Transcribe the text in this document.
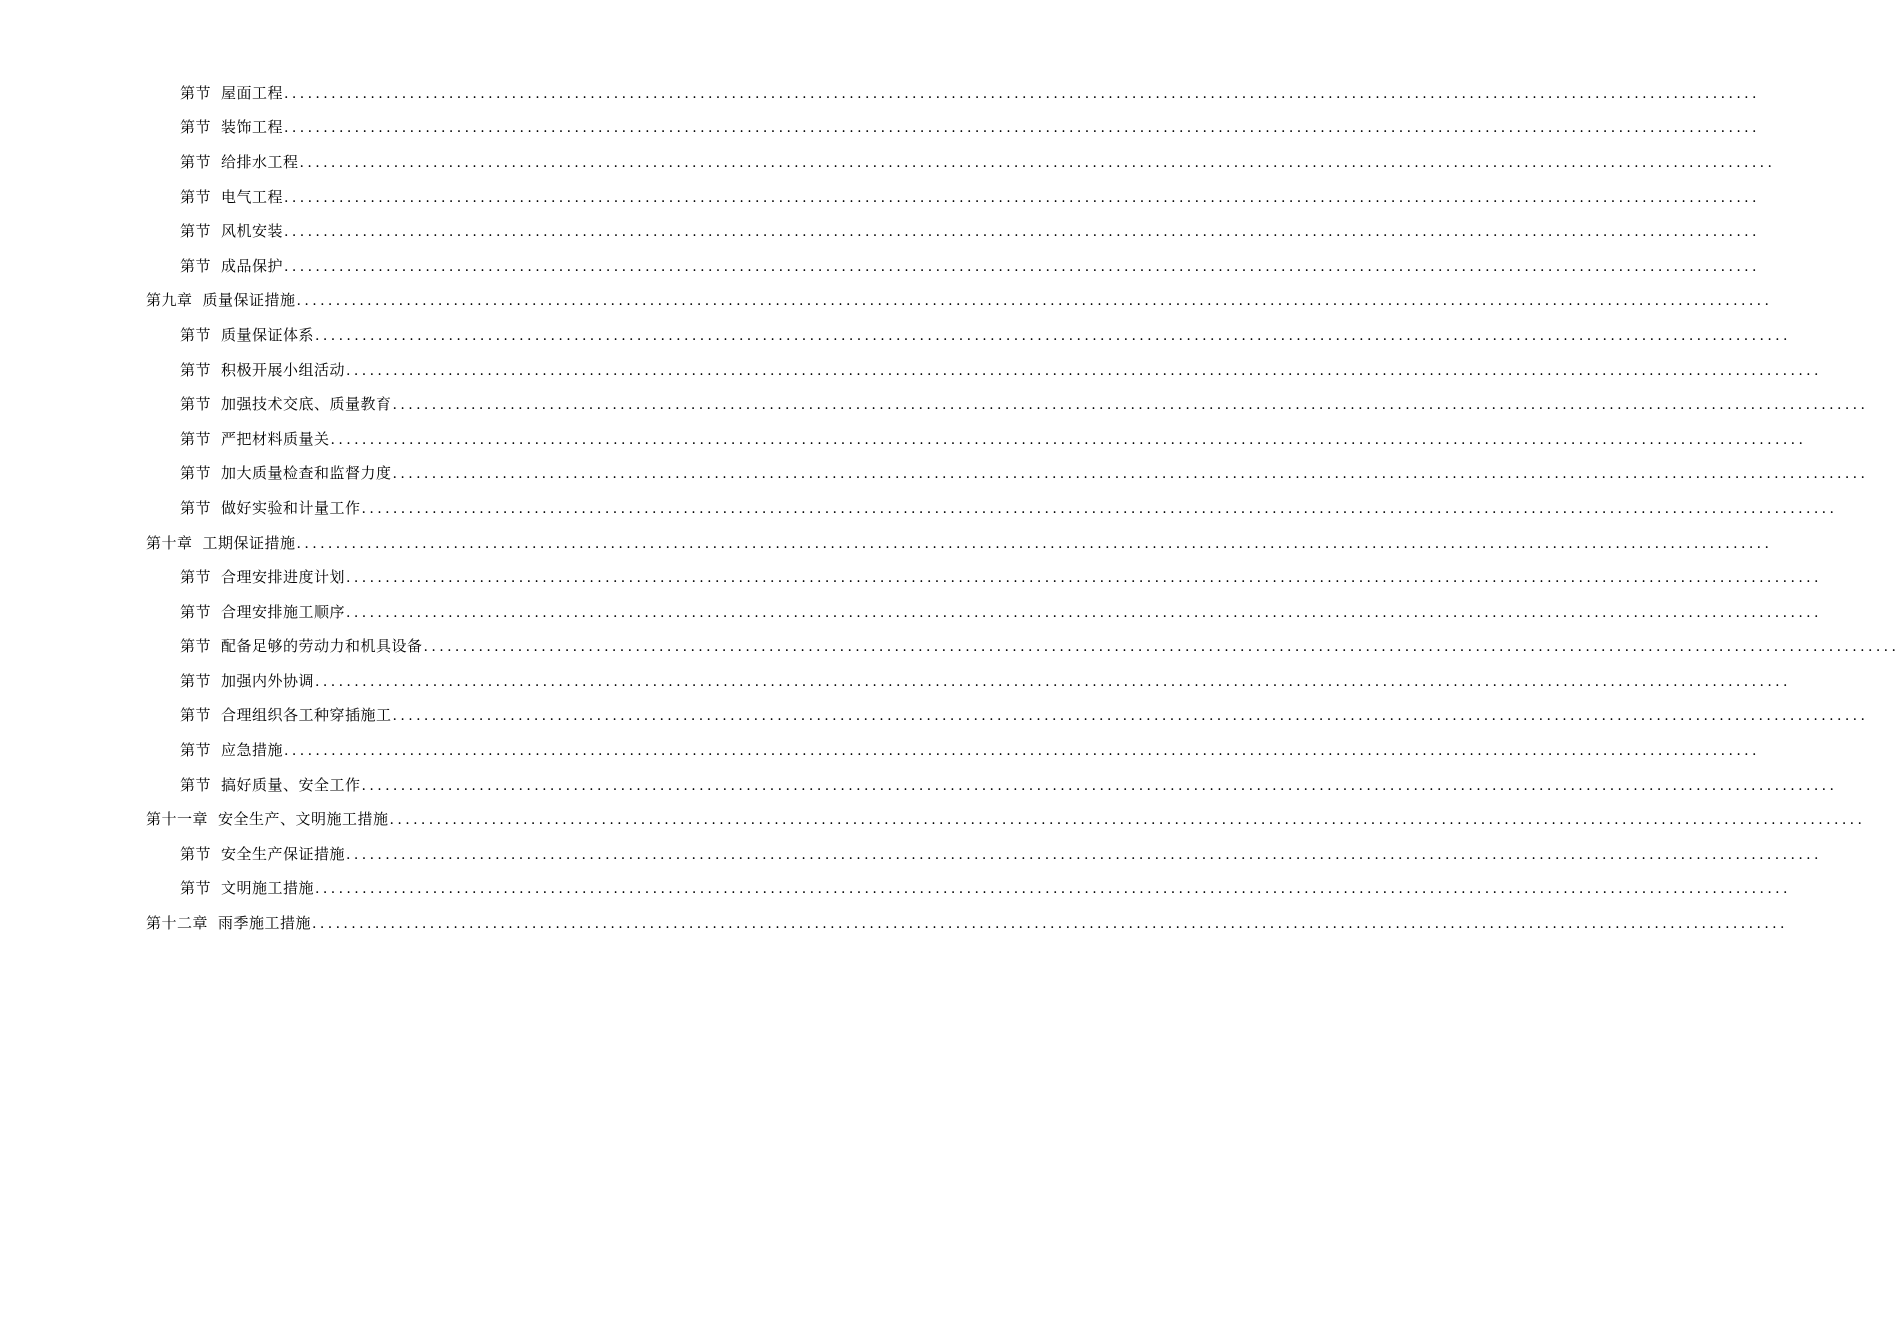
第节 屋面工程 ............................................................................................................................................................................................
第节 装饰工程 ............................................................................................................................................................................................
第节 给排水工程 ............................................................................................................................................................................................
第节 电气工程 ............................................................................................................................................................................................
第节 风机安装 ............................................................................................................................................................................................
第节 成品保护 ............................................................................................................................................................................................
第九章 质量保证措施 ............................................................................................................................................................................................
第节 质量保证体系 ............................................................................................................................................................................................
第节 积极开展小组活动 ............................................................................................................................................................................................
第节 加强技术交底、质量教育 ............................................................................................................................................................................................
第节 严把材料质量关 ............................................................................................................................................................................................
第节 加大质量检查和监督力度 ............................................................................................................................................................................................
第节 做好实验和计量工作 ............................................................................................................................................................................................
第十章 工期保证措施 ............................................................................................................................................................................................
第节 合理安排进度计划 ............................................................................................................................................................................................
第节 合理安排施工顺序 ............................................................................................................................................................................................
第节 配备足够的劳动力和机具设备 ............................................................................................................................................................................................
第节 加强内外协调 ............................................................................................................................................................................................
第节 合理组织各工种穿插施工 ............................................................................................................................................................................................
第节 应急措施 ............................................................................................................................................................................................
第节 搞好质量、安全工作 ............................................................................................................................................................................................
第十一章 安全生产、文明施工措施 ............................................................................................................................................................................................
第节 安全生产保证措施 ............................................................................................................................................................................................
第节 文明施工措施 ............................................................................................................................................................................................
第十二章 雨季施工措施 ............................................................................................................................................................................................
